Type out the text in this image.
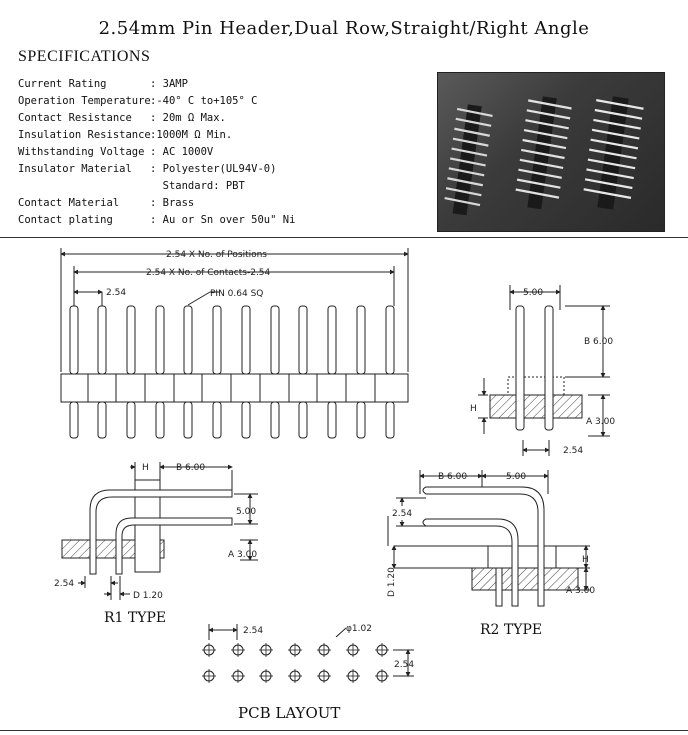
2.54mm Pin Header,Dual Row,Straight/Right Angle
SPECIFICATIONS
Current Rating	: 3AMP
Operation Temperature :-40° C to+105° C
Contact Resistance	: 20m Ω Max.
Insulation Resistance :1000M Ω Min.
Withstanding Voltage : AC 1000V
Insulator Material	: Polyester(UL94V-0)
Standard: PBT
Contact Material	: Brass
Contact plating	: Au or Sn over 50u" Ni
2.54 X No. of Positions
2.54 X No. of Contacts-2.54
2.54	PIN 0.64 SQ	5.00
B 6.00
H
A 3.00
2.54
H	B 6.00
5.00
A 3.00
2.54
D 1.20
R1 TYPE
B 6.00	5.00
2.54
D 1.20
H
A 3.00
R2 TYPE
2.54	φ1.02
2.54
PCB LAYOUT
